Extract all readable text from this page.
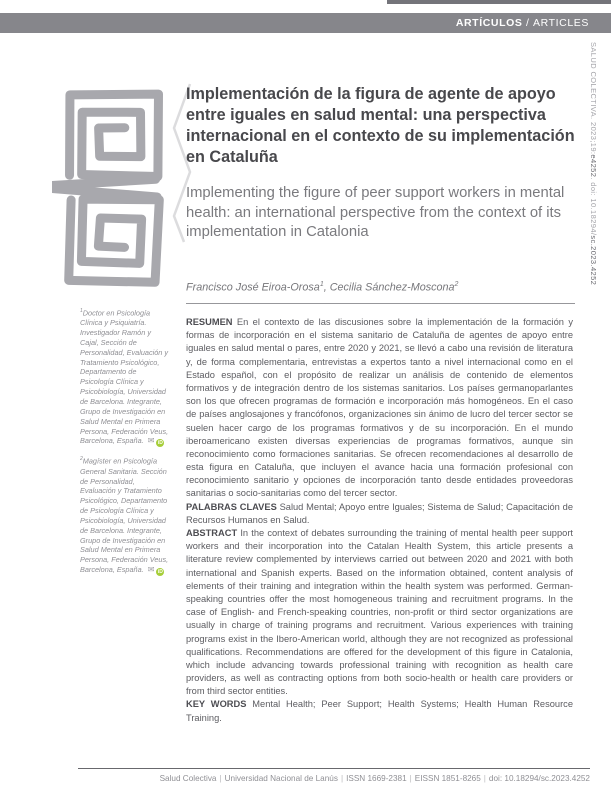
ARTÍCULOS / ARTICLES
SALUD COLECTIVA. 2023;19:e4252. doi: 10.18294/sc.2023.4252
Implementación de la figura de agente de apoyo entre iguales en salud mental: una perspectiva internacional en el contexto de su implementación en Cataluña
Implementing the figure of peer support workers in mental health: an international perspective from the context of its implementation in Catalonia
Francisco José Eiroa-Orosa$^1$, Cecilia Sánchez-Moscona$^2$
$^1$Doctor en Psicología Clínica y Psiquiatría. Investigador Ramón y Cajal, Sección de Personalidad, Evaluación y Tratamiento Psicológico, Departamento de Psicología Clínica y Psicobiología, Universidad de Barcelona. Integrante, Grupo de Investigación en Salud Mental en Primera Persona, Federación Veus, Barcelona, España. ✉ iD
$^2$Magíster en Psicología General Sanitaria. Sección de Personalidad, Evaluación y Tratamiento Psicológico, Departamento de Psicología Clínica y Psicobiología, Universidad de Barcelona. Integrante, Grupo de Investigación en Salud Mental en Primera Persona, Federación Veus, Barcelona, España. ✉ iD

RESUMEN En el contexto de las discusiones sobre la implementación de la formación y formas de incorporación en el sistema sanitario de Cataluña de agentes de apoyo entre iguales en salud mental o pares, entre 2020 y 2021, se llevó a cabo una revisión de literatura y, de forma complementaria, entrevistas a expertos tanto a nivel internacional como en el Estado español, con el propósito de realizar un análisis de contenido de elementos formativos y de integración dentro de los sistemas sanitarios. Los países germanoparlantes son los que ofrecen programas de formación e incorporación más homogéneos. En el caso de países anglosajones y francófonos, organizaciones sin ánimo de lucro del tercer sector se suelen hacer cargo de los programas formativos y de su incorporación. En el mundo iberoamericano existen diversas experiencias de programas formativos, aunque sin reconocimiento como formaciones sanitarias. Se ofrecen recomendaciones al desarrollo de esta figura en Cataluña, que incluyen el avance hacia una formación profesional con reconocimiento sanitario y opciones de incorporación tanto desde entidades proveedoras sanitarias o socio-sanitarias como del tercer sector.

PALABRAS CLAVES Salud Mental; Apoyo entre Iguales; Sistema de Salud; Capacitación de Recursos Humanos en Salud.

ABSTRACT In the context of debates surrounding the training of mental health peer support workers and their incorporation into the Catalan Health System, this article presents a literature review complemented by interviews carried out between 2020 and 2021 with both international and Spanish experts. Based on the information obtained, content analysis of elements of their training and integration within the health system was performed. German-speaking countries offer the most homogeneous training and recruitment programs. In the case of English- and French-speaking countries, non-profit or third sector organizations are usually in charge of training programs and recruitment. Various experiences with training programs exist in the Ibero-American world, although they are not recognized as professional qualifications. Recommendations are offered for the development of this figure in Catalonia, which include advancing towards professional training with recognition as health care providers, as well as contracting options from both socio-health or health care providers or from third sector entities.

KEY WORDS Mental Health; Peer Support; Health Systems; Health Human Resource Training.

Salud Colectiva | Universidad Nacional de Lanús | ISSN 1669-2381 | EISSN 1851-8265 | doi: 10.18294/sc.2023.4252
